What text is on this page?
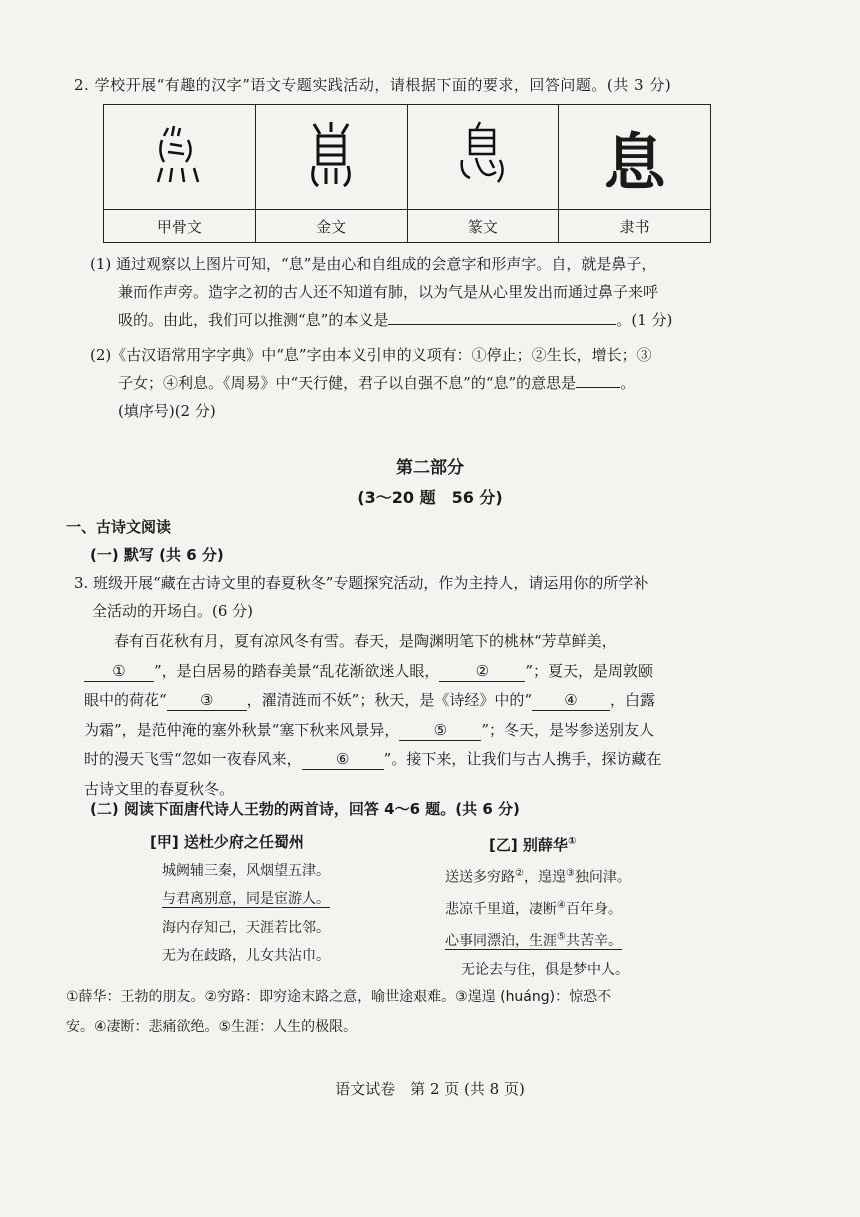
2. 学校开展“有趣的汉字”语文专题实践活动，请根据下面的要求，回答问题。(共 3 分)
			息
甲骨文	金文	篆文	隶书
(1) 通过观察以上图片可知，“息”是由心和自组成的会意字和形声字。自，就是鼻子，
兼而作声旁。造字之初的古人还不知道有肺，以为气是从心里发出而通过鼻子来呼
吸的。由此，我们可以推测“息”的本义是	。(1 分)
(2)《古汉语常用字字典》中“息”字由本义引申的义项有：①停止；②生长，增长；③
子女；④利息。《周易》中“天行健，君子以自强不息”的“息”的意思是	。
(填序号)(2 分)
第二部分
(3～20 题　56 分)
一、古诗文阅读
(一) 默写 (共 6 分)
3. 班级开展“藏在古诗文里的春夏秋冬”专题探究活动，作为主持人，请运用你的所学补
全活动的开场白。(6 分)
春有百花秋有月，夏有凉风冬有雪。春天，是陶渊明笔下的桃林“芳草鲜美，
① ”，是白居易的踏春美景“乱花渐欲迷人眼， ② ”；夏天，是周敦颐
眼中的荷花“ ③ ，濯清涟而不妖”；秋天，是《诗经》中的“ ④ ，白露
为霜”，是范仲淹的塞外秋景“塞下秋来风景异， ⑤ ”；冬天，是岑参送别友人
时的漫天飞雪“忽如一夜春风来， ⑥ ”。接下来，让我们与古人携手，探访藏在
古诗文里的春夏秋冬。
(二) 阅读下面唐代诗人王勃的两首诗，回答 4～6 题。(共 6 分)
[甲] 送杜少府之任蜀州
城阙辅三秦，风烟望五津。
与君离别意，同是宦游人。
海内存知己，天涯若比邻。
无为在歧路，儿女共沾巾。
[乙] 别薛华①
送送多穷路②，遑遑③独问津。
悲凉千里道，凄断④百年身。
心事同漂泊，生涯⑤共苦辛。
无论去与住，俱是梦中人。
①薛华：王勃的朋友。②穷路：即穷途末路之意，喻世途艰难。③遑遑 (huáng)：惊恐不
安。④凄断：悲痛欲绝。⑤生涯：人生的极限。
语文试卷　第 2 页 (共 8 页)
